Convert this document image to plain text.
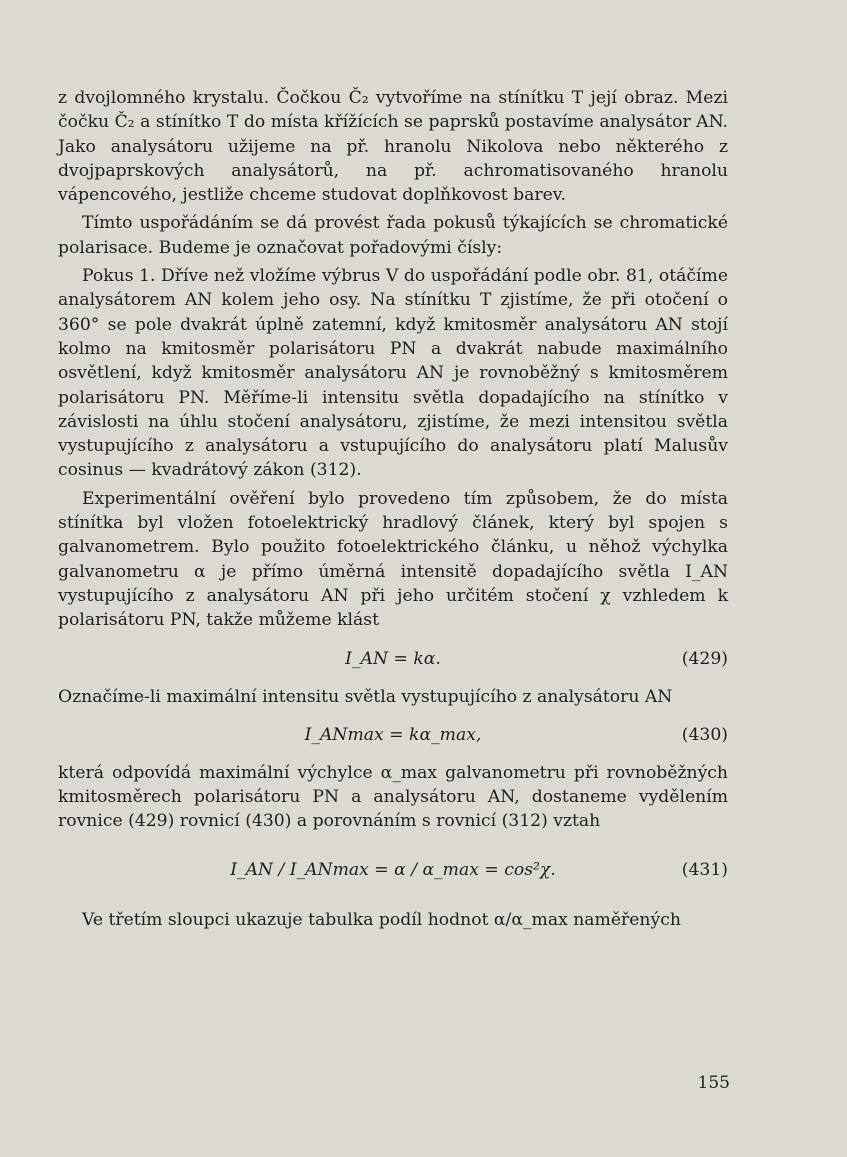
z dvojlomného krystalu. Čočkou Č₂ vytvoříme na stínítku T její obraz. Mezi čočku Č₂ a stínítko T do místa křížících se paprsků postavíme analysátor AN. Jako analysátoru užijeme na př. hranolu Nikolova nebo některého z dvojpaprskových analysátorů, na př. achromatisovaného hranolu vápencového, jestliže chceme studovat doplňkovost barev.

Tímto uspořádáním se dá provést řada pokusů týkajících se chromatické polarisace. Budeme je označovat pořadovými čísly:

Pokus 1. Dříve než vložíme výbrus V do uspořádání podle obr. 81, otáčíme analysátorem AN kolem jeho osy. Na stínítku T zjistíme, že při otočení o 360° se pole dvakrát úplně zatemní, když kmitosměr analysátoru AN stojí kolmo na kmitosměr polarisátoru PN a dvakrát nabude maximálního osvětlení, když kmitosměr analysátoru AN je rovnoběžný s kmitosměrem polarisátoru PN. Měříme-li intensitu světla dopadajícího na stínítko v závislosti na úhlu stočení analysátoru, zjistíme, že mezi intensitou světla vystupujícího z analysátoru a vstupujícího do analysátoru platí Malusův cosinus — kvadrátový zákon (312).

Experimentální ověření bylo provedeno tím způsobem, že do místa stínítka byl vložen fotoelektrický hradlový článek, který byl spojen s galvanometrem. Bylo použito fotoelektrického článku, u něhož výchylka galvanometru α je přímo úměrná intensitě dopadajícího světla I_AN vystupujícího z analysátoru AN při jeho určitém stočení χ vzhledem k polarisátoru PN, takže můžeme klást

I_AN = kα.	(429)

Označíme-li maximální intensitu světla vystupujícího z analysátoru AN

I_ANmax = kα_max,	(430)

která odpovídá maximální výchylce α_max galvanometru při rovnoběžných kmitosměrech polarisátoru PN a analysátoru AN, dostaneme vydělením rovnice (429) rovnicí (430) a porovnáním s rovnicí (312) vztah

I_AN / I_ANmax = α / α_max = cos²χ.	(431)

Ve třetím sloupci ukazuje tabulka podíl hodnot α/α_max naměřených

155
